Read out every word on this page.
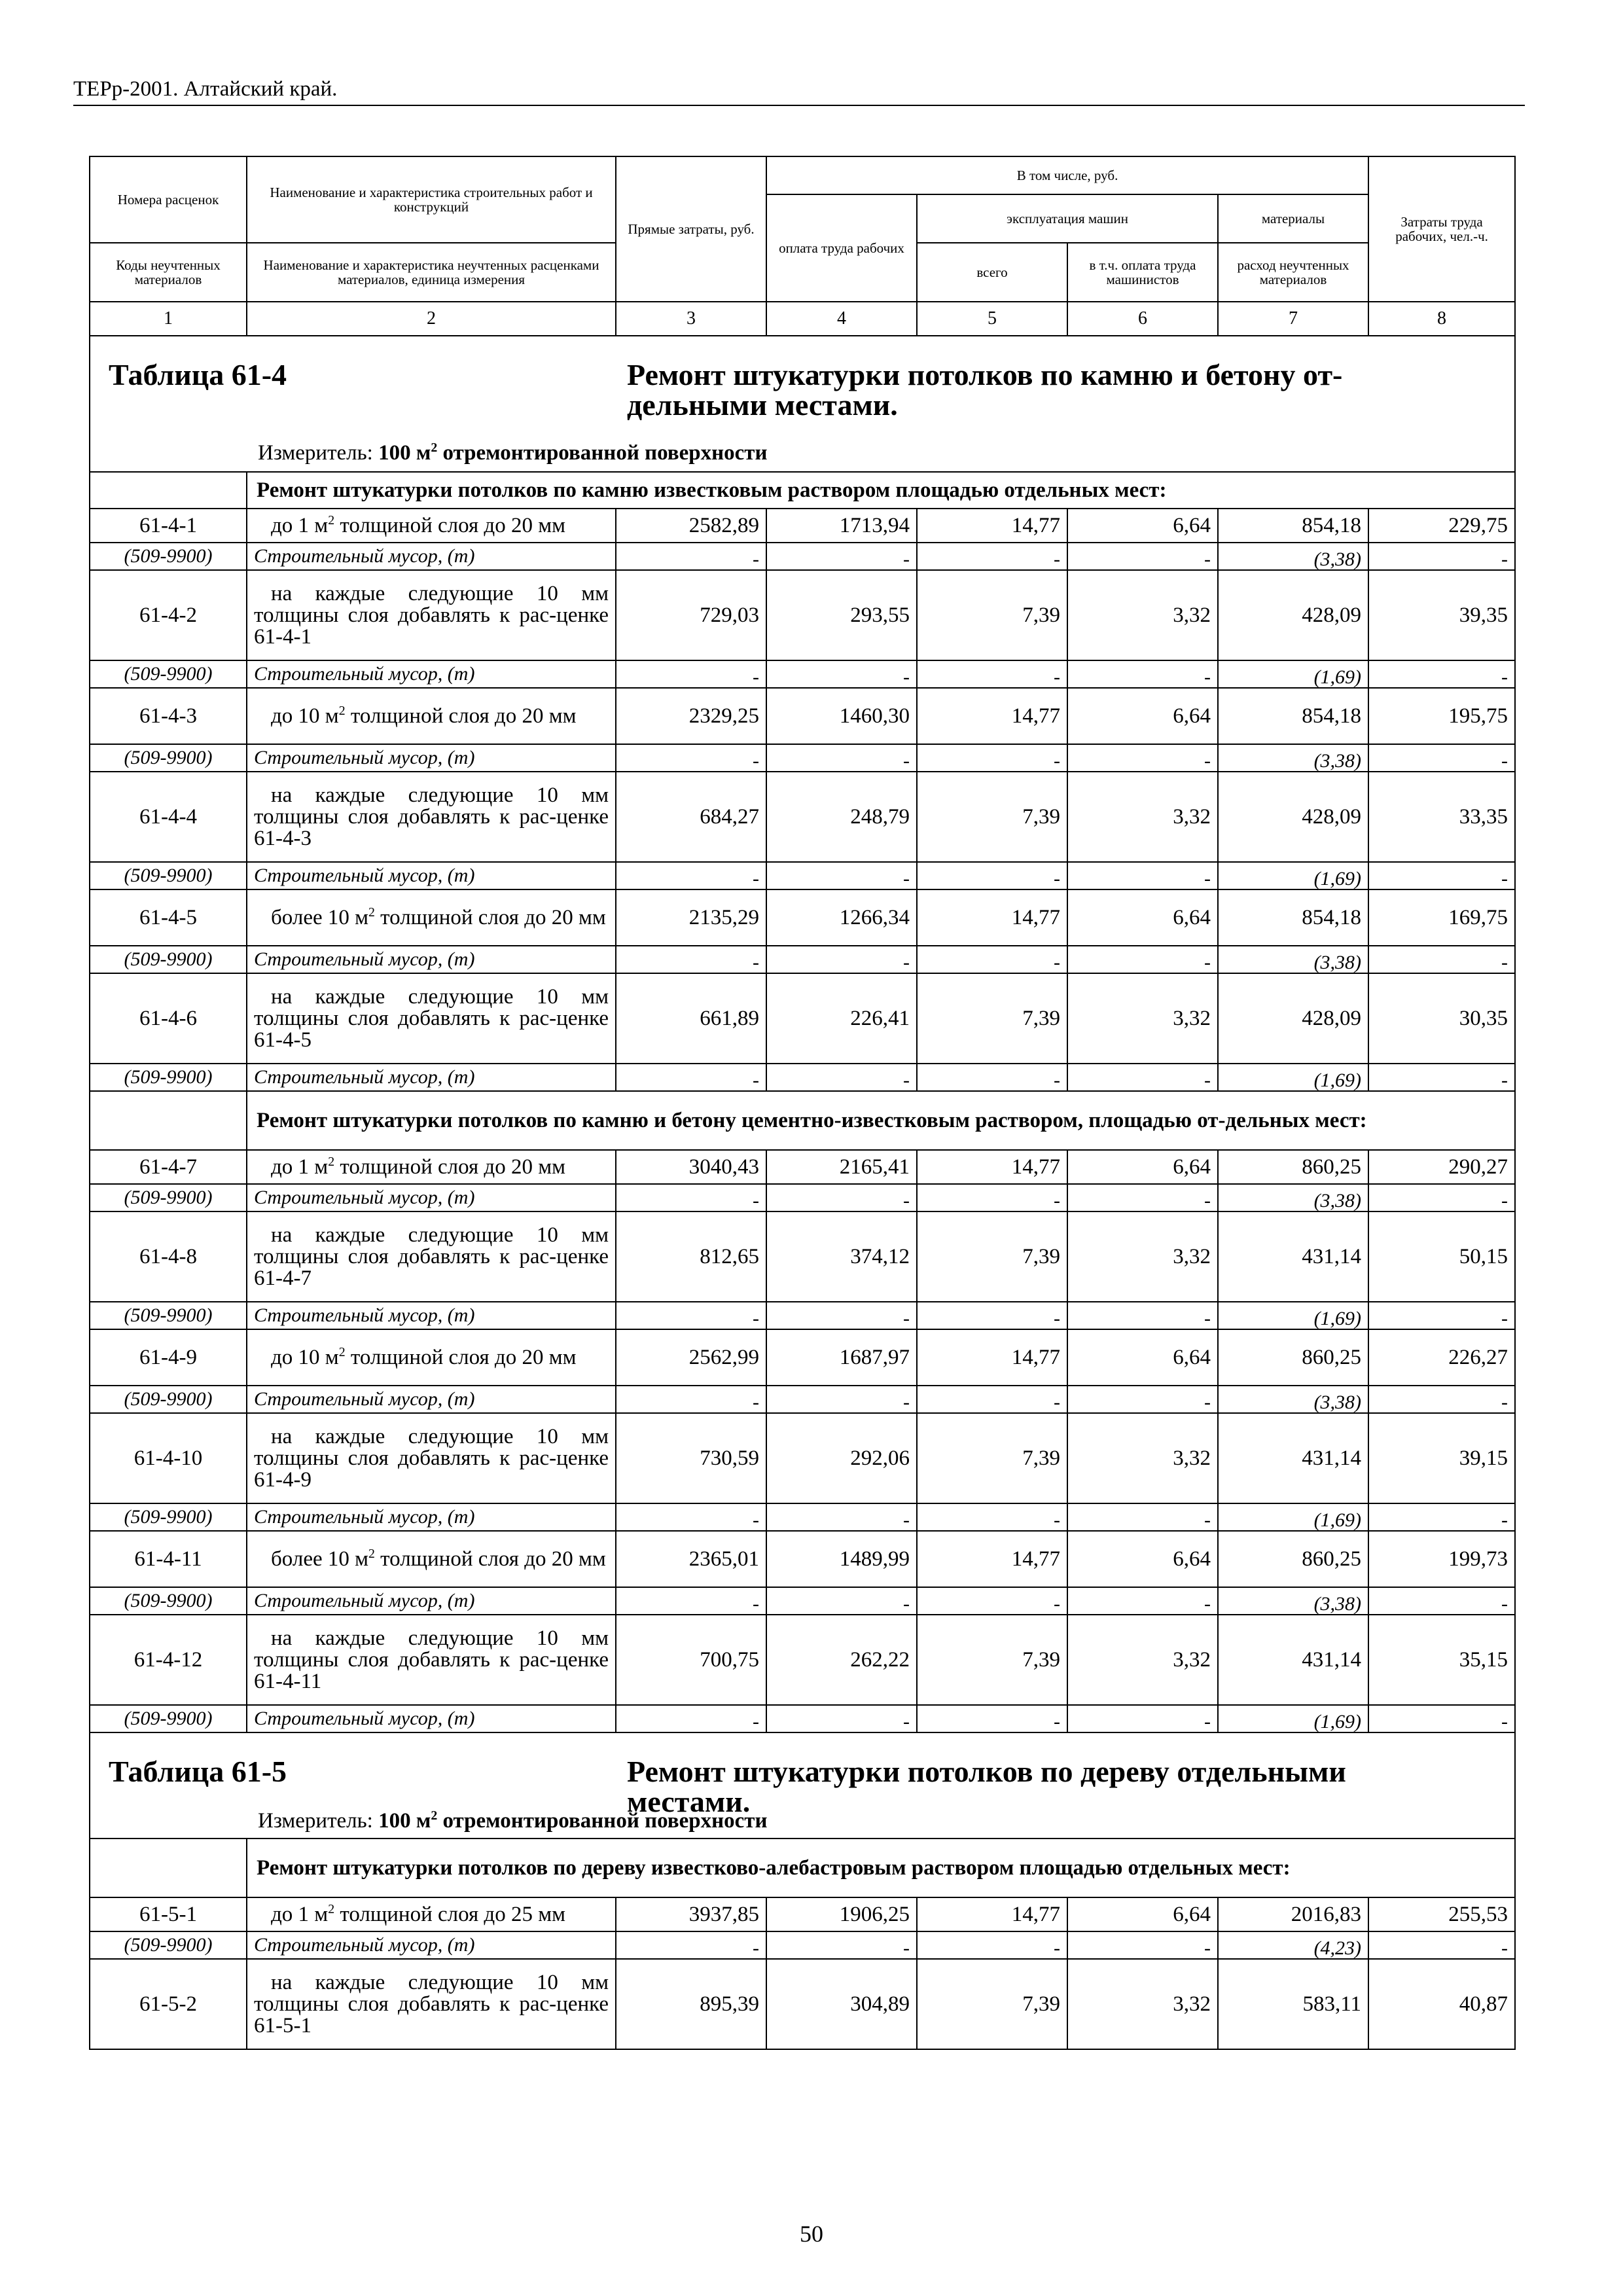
ТЕРр-2001. Алтайский край.
Номера расценок	Наименование и характеристика строительных работ и конструкций	Прямые затраты, руб.	В том числе, руб.				Затраты труда рабочих, чел.-ч.
			оплата труда рабочих	эксплуатация машин		материалы	
Коды неучтенных материалов	Наименование и характеристика неучтенных расценками материалов, единица измерения			всего	в т.ч. оплата труда машинистов	расход неучтенных материалов	
1	2	3	4	5	6	7	8

Таблица 61-4 Ремонт штукатурки потолков по камню и бетону от-дельными местами.
Измеритель: 100 $м^2$ отремонтированной поверхности							

	Ремонт штукатурки потолков по камню известковым раствором площадью отдельных мест:						
61-4-1	до 1 $м^2$ толщиной слоя до 20 мм	2582,89	1713,94	14,77	6,64	854,18	229,75
(509-9900)	Строительный мусор, (т)	-	-	-	-	(3,38)	-
61-4-2	на каждые следующие 10 мм толщины слоя добавлять к рас-ценке 61-4-1	729,03	293,55	7,39	3,32	428,09	39,35
(509-9900)	Строительный мусор, (т)	-	-	-	-	(1,69)	-
61-4-3	до 10 $м^2$ толщиной слоя до 20 мм	2329,25	1460,30	14,77	6,64	854,18	195,75
(509-9900)	Строительный мусор, (т)	-	-	-	-	(3,38)	-
61-4-4	на каждые следующие 10 мм толщины слоя добавлять к рас-ценке 61-4-3	684,27	248,79	7,39	3,32	428,09	33,35
(509-9900)	Строительный мусор, (т)	-	-	-	-	(1,69)	-
61-4-5	более 10 $м^2$ толщиной слоя до 20 мм	2135,29	1266,34	14,77	6,64	854,18	169,75
(509-9900)	Строительный мусор, (т)	-	-	-	-	(3,38)	-
61-4-6	на каждые следующие 10 мм толщины слоя добавлять к рас-ценке 61-4-5	661,89	226,41	7,39	3,32	428,09	30,35
(509-9900)	Строительный мусор, (т)	-	-	-	-	(1,69)	-
	Ремонт штукатурки потолков по камню и бетону цементно-известковым раствором, площадью от-дельных мест:						
61-4-7	до 1 $м^2$ толщиной слоя до 20 мм	3040,43	2165,41	14,77	6,64	860,25	290,27
(509-9900)	Строительный мусор, (т)	-	-	-	-	(3,38)	-
61-4-8	на каждые следующие 10 мм толщины слоя добавлять к рас-ценке 61-4-7	812,65	374,12	7,39	3,32	431,14	50,15
(509-9900)	Строительный мусор, (т)	-	-	-	-	(1,69)	-
61-4-9	до 10 $м^2$ толщиной слоя до 20 мм	2562,99	1687,97	14,77	6,64	860,25	226,27
(509-9900)	Строительный мусор, (т)	-	-	-	-	(3,38)	-
61-4-10	на каждые следующие 10 мм толщины слоя добавлять к рас-ценке 61-4-9	730,59	292,06	7,39	3,32	431,14	39,15
(509-9900)	Строительный мусор, (т)	-	-	-	-	(1,69)	-
61-4-11	более 10 $м^2$ толщиной слоя до 20 мм	2365,01	1489,99	14,77	6,64	860,25	199,73
(509-9900)	Строительный мусор, (т)	-	-	-	-	(3,38)	-
61-4-12	на каждые следующие 10 мм толщины слоя добавлять к рас-ценке 61-4-11	700,75	262,22	7,39	3,32	431,14	35,15
(509-9900)	Строительный мусор, (т)	-	-	-	-	(1,69)	-

Таблица 61-5 Ремонт штукатурки потолков по дереву отдельными местами.
Измеритель: 100 $м^2$ отремонтированной поверхности							

	Ремонт штукатурки потолков по дереву известково-алебастровым раствором площадью отдельных мест:						
61-5-1	до 1 $м^2$ толщиной слоя до 25 мм	3937,85	1906,25	14,77	6,64	2016,83	255,53
(509-9900)	Строительный мусор, (т)	-	-	-	-	(4,23)	-
61-5-2	на каждые следующие 10 мм толщины слоя добавлять к рас-ценке 61-5-1	895,39	304,89	7,39	3,32	583,11	40,87
50
